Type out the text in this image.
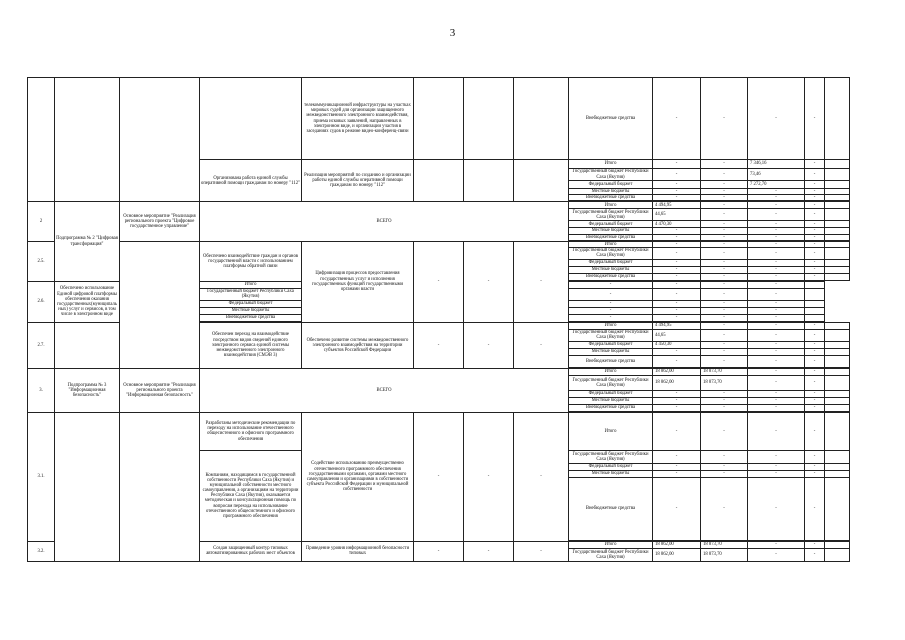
3
				телекоммуникационной инфраструктуры на участках мировых судей для организации защищенного межведомственного электронного взаимодействия, приема исковых заявлений, направленных в электронном виде, и организации участия в заседаниях судов в режиме видео-конференц-связи				Внебюджетные средства	-	-	-	-	
			Организована работа единой службы оперативной помощи гражданам по номеру "112"	Реализация мероприятий по созданию и организации работы единой службы оперативной помощи гражданам по номеру "112"				Итого	-	-	7 346,16	-	
								Государственный бюджет Республики Саха (Якутия)	-	-	73,46	-	
								Федеральный бюджет	-	-	7 272,70	-	
								Местные бюджеты	-	-	-	-	
								Внебюджетные средства	-	-	-	-	

2	Подпрограмма № 2 "Цифровая трансформация"	Основное мероприятие "Реализация регионального проекта "Цифровое государственное управление"	ВСЕГО					Итого	4 494,95	-	-	-	
								Государственный бюджет Республики Саха (Якутия)	44,65	-	-	-	
								Федеральный бюджет	4 470,30	-	-	-	
								Местные бюджеты	-	-	-	-	
								Внебюджетные средства	-	-	-	-	

2.5.			Обеспечено взаимодействие граждан и органов государственной власти с использованием платформы обратной связи	Цифровизация процессов предоставления государственных услуг и исполнения государственных функций государственными органами власти	-	-	-	Итого	-	-	-	-	
								Государственный бюджет Республики Саха (Якутия)	-	-	-	-	
								Федеральный бюджет	-	-	-	-	
								Местные бюджеты	-	-	-	-	
								Внебюджетные средства	-	-	-	-	

2.6.	Обеспечено использование Единой цифровой платформы обеспечения оказания государственных(муниципальных) услуг и сервисов, в том числе в электронном виде		Итого					-	-	-	-		
			Государственный бюджет Республики Саха (Якутия)					-	-	-	-		
			Федеральный бюджет					-	-	-	-		
			Местные бюджеты					-	-	-	-		
			Внебюджетные средства					-	-	-	-		

2.7.			Обеспечен переход на взаимодействие посредством видов сведений единого электронного сервиса единой системы межведомственного электронного взаимодействия (СМЭВ 3)	Обеспечено развитие системы межведомственного электронного взаимодействия на территории субъектов Российской Федерации	-	-	-	Итого	4 494,95	-	-	-	
								Государственный бюджет Республики Саха (Якутия)	44,65	-	-	-	
								Федеральный бюджет	4 450,30	-	-	-	
								Местные бюджеты	-	-	-	-	
								Внебюджетные средства	-	-	-	-	

3.	Подпрограмма № 3 "Информационная безопасность"	Основное мероприятие "Реализация регионального проекта "Информационная безопасность"	ВСЕГО					Итого	18 862,00	18 873,70	-	-	
								Государственный бюджет Республики Саха (Якутия)	18 862,00	18 873,70	-	-	
								Федеральный бюджет	-	-	-	-	
								Местные бюджеты	-	-	-	-	
								Внебюджетные средства	-	-	-	-	

3.1.			Разработаны методические рекомендации по переходу на использование отечественного общесистемного и офисного программного обеспечения	Содействие использованию преимущественно отечественного программного обеспечения государственными органами, органами местного самоуправления и организациями в собственности субъекта Российской Федерации и муниципальной собственности	-	-	-	Итого	-	-	-	-	
			Компаниям, находящимся в государственной собственности Республики Саха (Якутия) и муниципальной собственности местного самоуправления, а организациям на территории Республики Саха (Якутия), оказывается методическая и консультационная помощь по вопросам перехода на использование отечественного общесистемного и офисного программного обеспечения					Государственный бюджет Республики Саха (Якутия)	-	-	-	-	
								Федеральный бюджет	-	-	-	-	
								Местные бюджеты	-	-	-	-	
								Внебюджетные средства	-	-	-	-	

3.2.			Создан защищенный контур типовых автоматизированных рабочих мест объектов	Приведение уровня информационной безопасности типовых	-	-	-	Итого	18 862,00	18 873,70	-	-	
								Государственный бюджет Республики Саха (Якутия)	18 862,00	18 873,70	-	-	
